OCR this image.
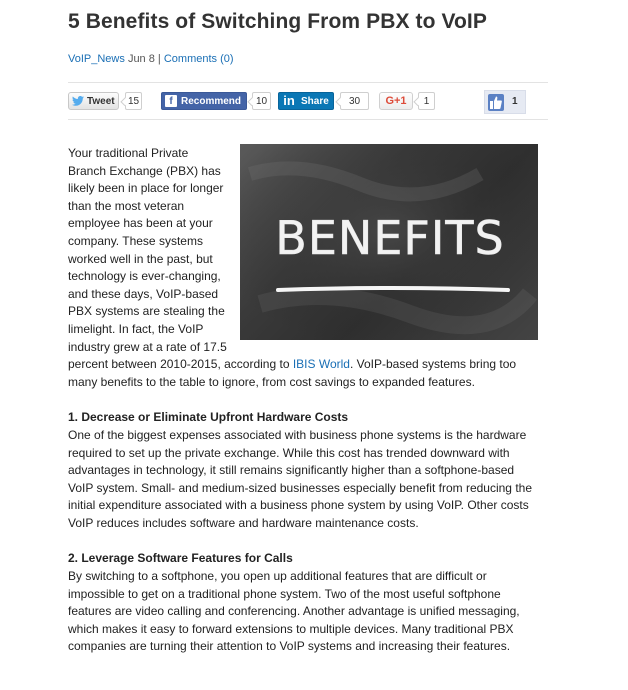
5 Benefits of Switching From PBX to VoIP
VoIP_News Jun 8 | Comments (0)
Tweet 15	f Recommend	10	in Share	30	G+1	1	1
BENEFITS

Your traditional Private Branch Exchange (PBX) has likely been in place for longer than the most veteran employee has been at your company. These systems worked well in the past, but technology is ever-changing, and these days, VoIP-based PBX systems are stealing the limelight. In fact, the VoIP industry grew at a rate of 17.5 percent between 2010-2015, according to IBIS World. VoIP-based systems bring too many benefits to the table to ignore, from cost savings to expanded features.

1. Decrease or Eliminate Upfront Hardware Costs

One of the biggest expenses associated with business phone systems is the hardware required to set up the private exchange. While this cost has trended downward with advantages in technology, it still remains significantly higher than a softphone-based VoIP system. Small- and medium-sized businesses especially benefit from reducing the initial expenditure associated with a business phone system by using VoIP. Other costs VoIP reduces includes software and hardware maintenance costs.

2. Leverage Software Features for Calls

By switching to a softphone, you open up additional features that are difficult or impossible to get on a traditional phone system. Two of the most useful softphone features are video calling and conferencing. Another advantage is unified messaging, which makes it easy to forward extensions to multiple devices. Many traditional PBX companies are turning their attention to VoIP systems and increasing their features.
